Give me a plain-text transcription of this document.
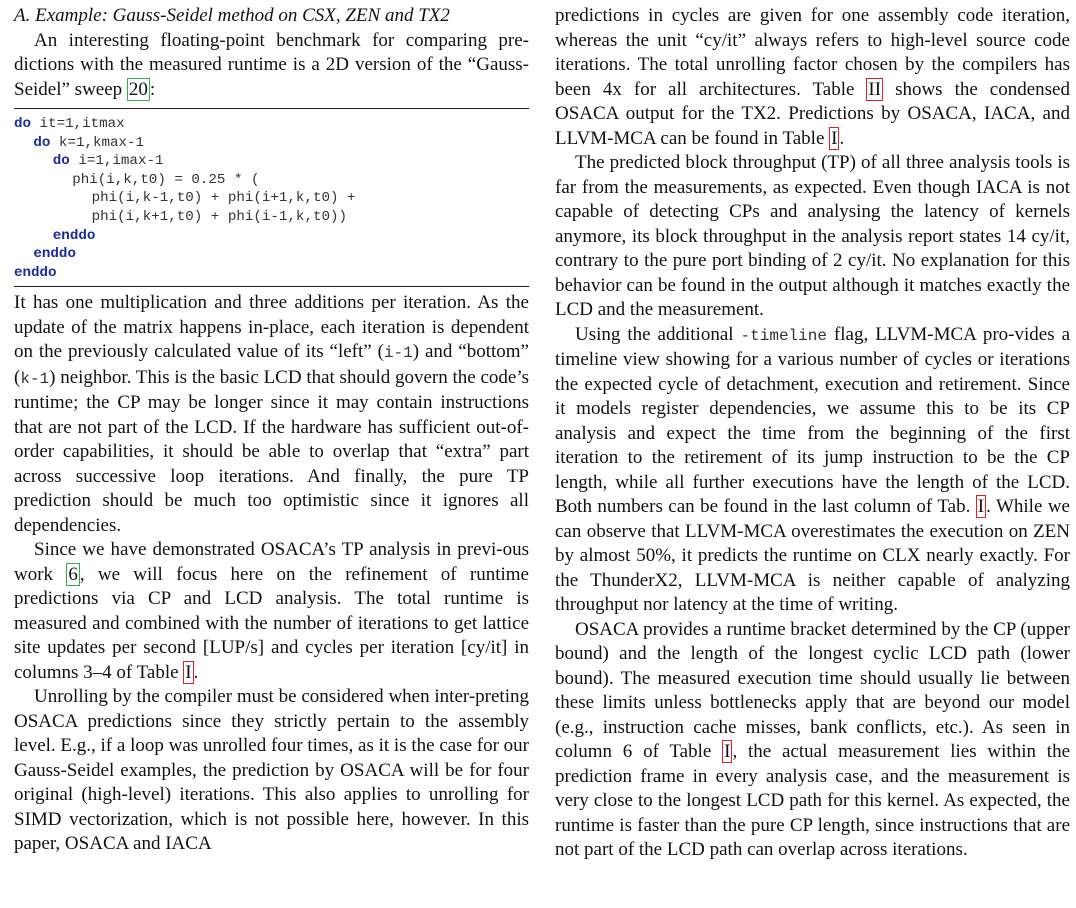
A. Example: Gauss-Seidel method on CSX, ZEN and TX2

An interesting floating-point benchmark for comparing pre-dictions with the measured runtime is a 2D version of the “Gauss-Seidel” sweep 20 :

do it=1,itmax
do k=1,kmax-1
do i=1,imax-1
phi(i,k,t0) = 0.25 * (
phi(i,k-1,t0) + phi(i+1,k,t0) +
phi(i,k+1,t0) + phi(i-1,k,t0))
enddo
enddo
enddo

It has one multiplication and three additions per iteration. As the update of the matrix happens in-place, each iteration is dependent on the previously calculated value of its “left” (i-1) and “bottom” (k-1) neighbor. This is the basic LCD that should govern the code’s runtime; the CP may be longer since it may contain instructions that are not part of the LCD. If the hardware has sufficient out-of-order capabilities, it should be able to overlap that “extra” part across successive loop iterations. And finally, the pure TP prediction should be much too optimistic since it ignores all dependencies.

Since we have demonstrated OSACA’s TP analysis in previ-ous work 6 , we will focus here on the refinement of runtime predictions via CP and LCD analysis. The total runtime is measured and combined with the number of iterations to get lattice site updates per second [LUP/s] and cycles per iteration [cy/it] in columns 3–4 of Table I .

Unrolling by the compiler must be considered when inter-preting OSACA predictions since they strictly pertain to the assembly level. E.g., if a loop was unrolled four times, as it is the case for our Gauss-Seidel examples, the prediction by OSACA will be for four original (high-level) iterations. This also applies to unrolling for SIMD vectorization, which is not possible here, however. In this paper, OSACA and IACA

predictions in cycles are given for one assembly code iteration, whereas the unit “cy/it” always refers to high-level source code iterations. The total unrolling factor chosen by the compilers has been 4x for all architectures. Table II shows the condensed OSACA output for the TX2. Predictions by OSACA, IACA, and LLVM-MCA can be found in Table I .

The predicted block throughput (TP) of all three analysis tools is far from the measurements, as expected. Even though IACA is not capable of detecting CPs and analysing the latency of kernels anymore, its block throughput in the analysis report states 14 cy/it, contrary to the pure port binding of 2 cy/it. No explanation for this behavior can be found in the output although it matches exactly the LCD and the measurement.

Using the additional -timeline flag, LLVM-MCA pro-vides a timeline view showing for a various number of cycles or iterations the expected cycle of detachment, execution and retirement. Since it models register dependencies, we assume this to be its CP analysis and expect the time from the beginning of the first iteration to the retirement of its jump instruction to be the CP length, while all further executions have the length of the LCD. Both numbers can be found in the last column of Tab. I . While we can observe that LLVM-MCA overestimates the execution on ZEN by almost 50%, it predicts the runtime on CLX nearly exactly. For the ThunderX2, LLVM-MCA is neither capable of analyzing throughput nor latency at the time of writing.

OSACA provides a runtime bracket determined by the CP (upper bound) and the length of the longest cyclic LCD path (lower bound). The measured execution time should usually lie between these limits unless bottlenecks apply that are beyond our model (e.g., instruction cache misses, bank conflicts, etc.). As seen in column 6 of Table I , the actual measurement lies within the prediction frame in every analysis case, and the measurement is very close to the longest LCD path for this kernel. As expected, the runtime is faster than the pure CP length, since instructions that are not part of the LCD path can overlap across iterations.
